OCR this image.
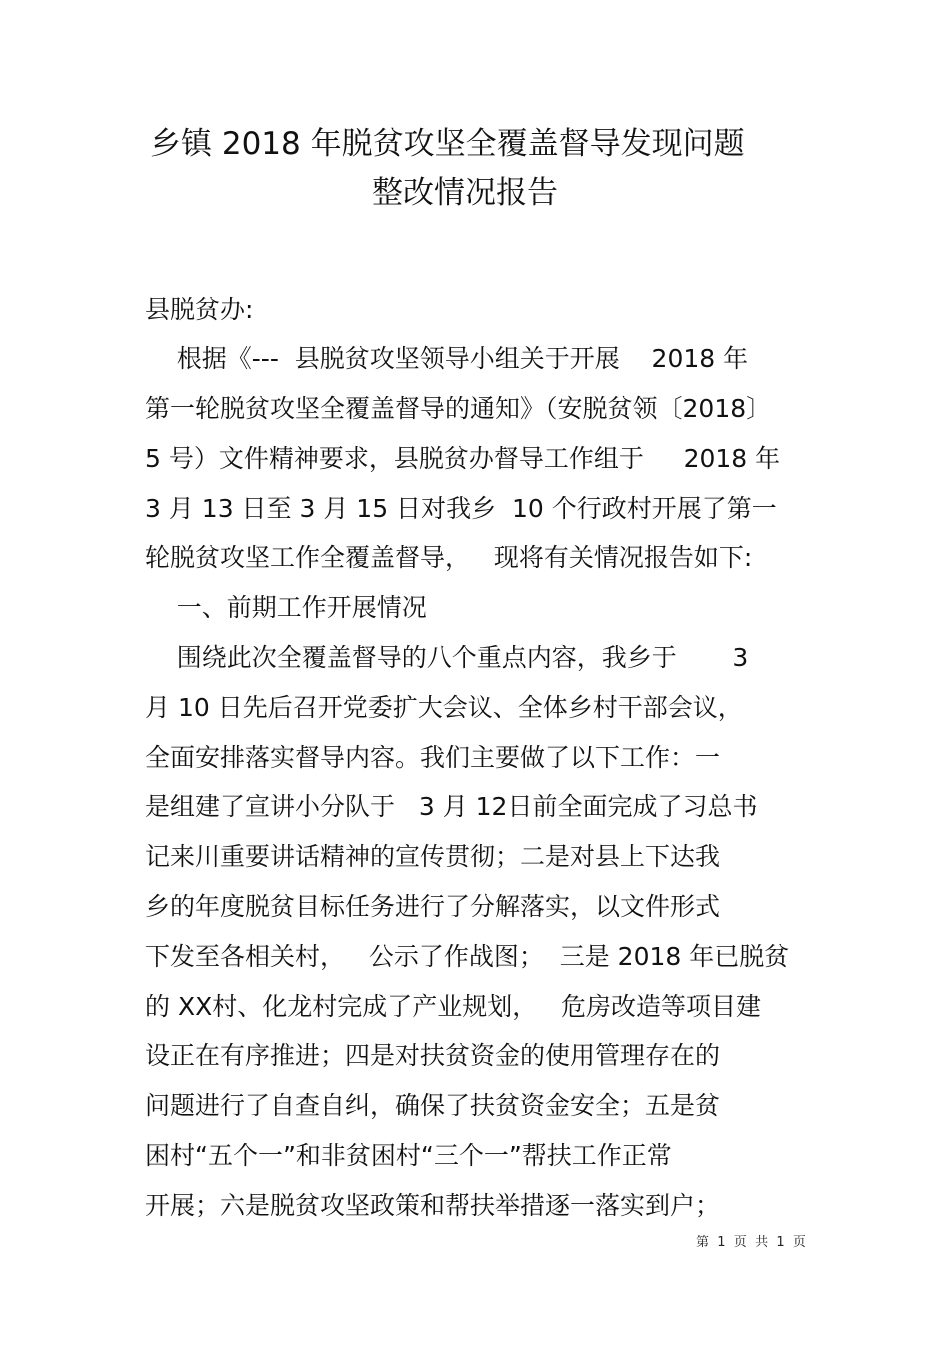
乡镇 2018 年脱贫攻坚全覆盖督导发现问题
整改情况报告
县脱贫办:
根据《---  县脱贫攻坚领导小组关于开展    2018 年
第一轮脱贫攻坚全覆盖督导的通知》（安脱贫领〔2018〕
5 号）文件精神要求，县脱贫办督导工作组于     2018 年
3 月 13 日至 3 月 15 日对我乡  10 个行政村开展了第一
轮脱贫攻坚工作全覆盖督导，   现将有关情况报告如下:
一、前期工作开展情况
围绕此次全覆盖督导的八个重点内容，我乡于       3
月 10 日先后召开党委扩大会议、全体乡村干部会议，
全面安排落实督导内容。我们主要做了以下工作：一
是组建了宣讲小分队于   3 月 12日前全面完成了习总书
记来川重要讲话精神的宣传贯彻；二是对县上下达我
乡的年度脱贫目标任务进行了分解落实，以文件形式
下发至各相关村，   公示了作战图；  三是 2018 年已脱贫
的 XX村、化龙村完成了产业规划，   危房改造等项目建
设正在有序推进；四是对扶贫资金的使用管理存在的
问题进行了自查自纠，确保了扶贫资金安全；五是贫
困村“五个一”和非贫困村“三个一”帮扶工作正常
开展；六是脱贫攻坚政策和帮扶举措逐一落实到户；
第  1  页  共  1  页
